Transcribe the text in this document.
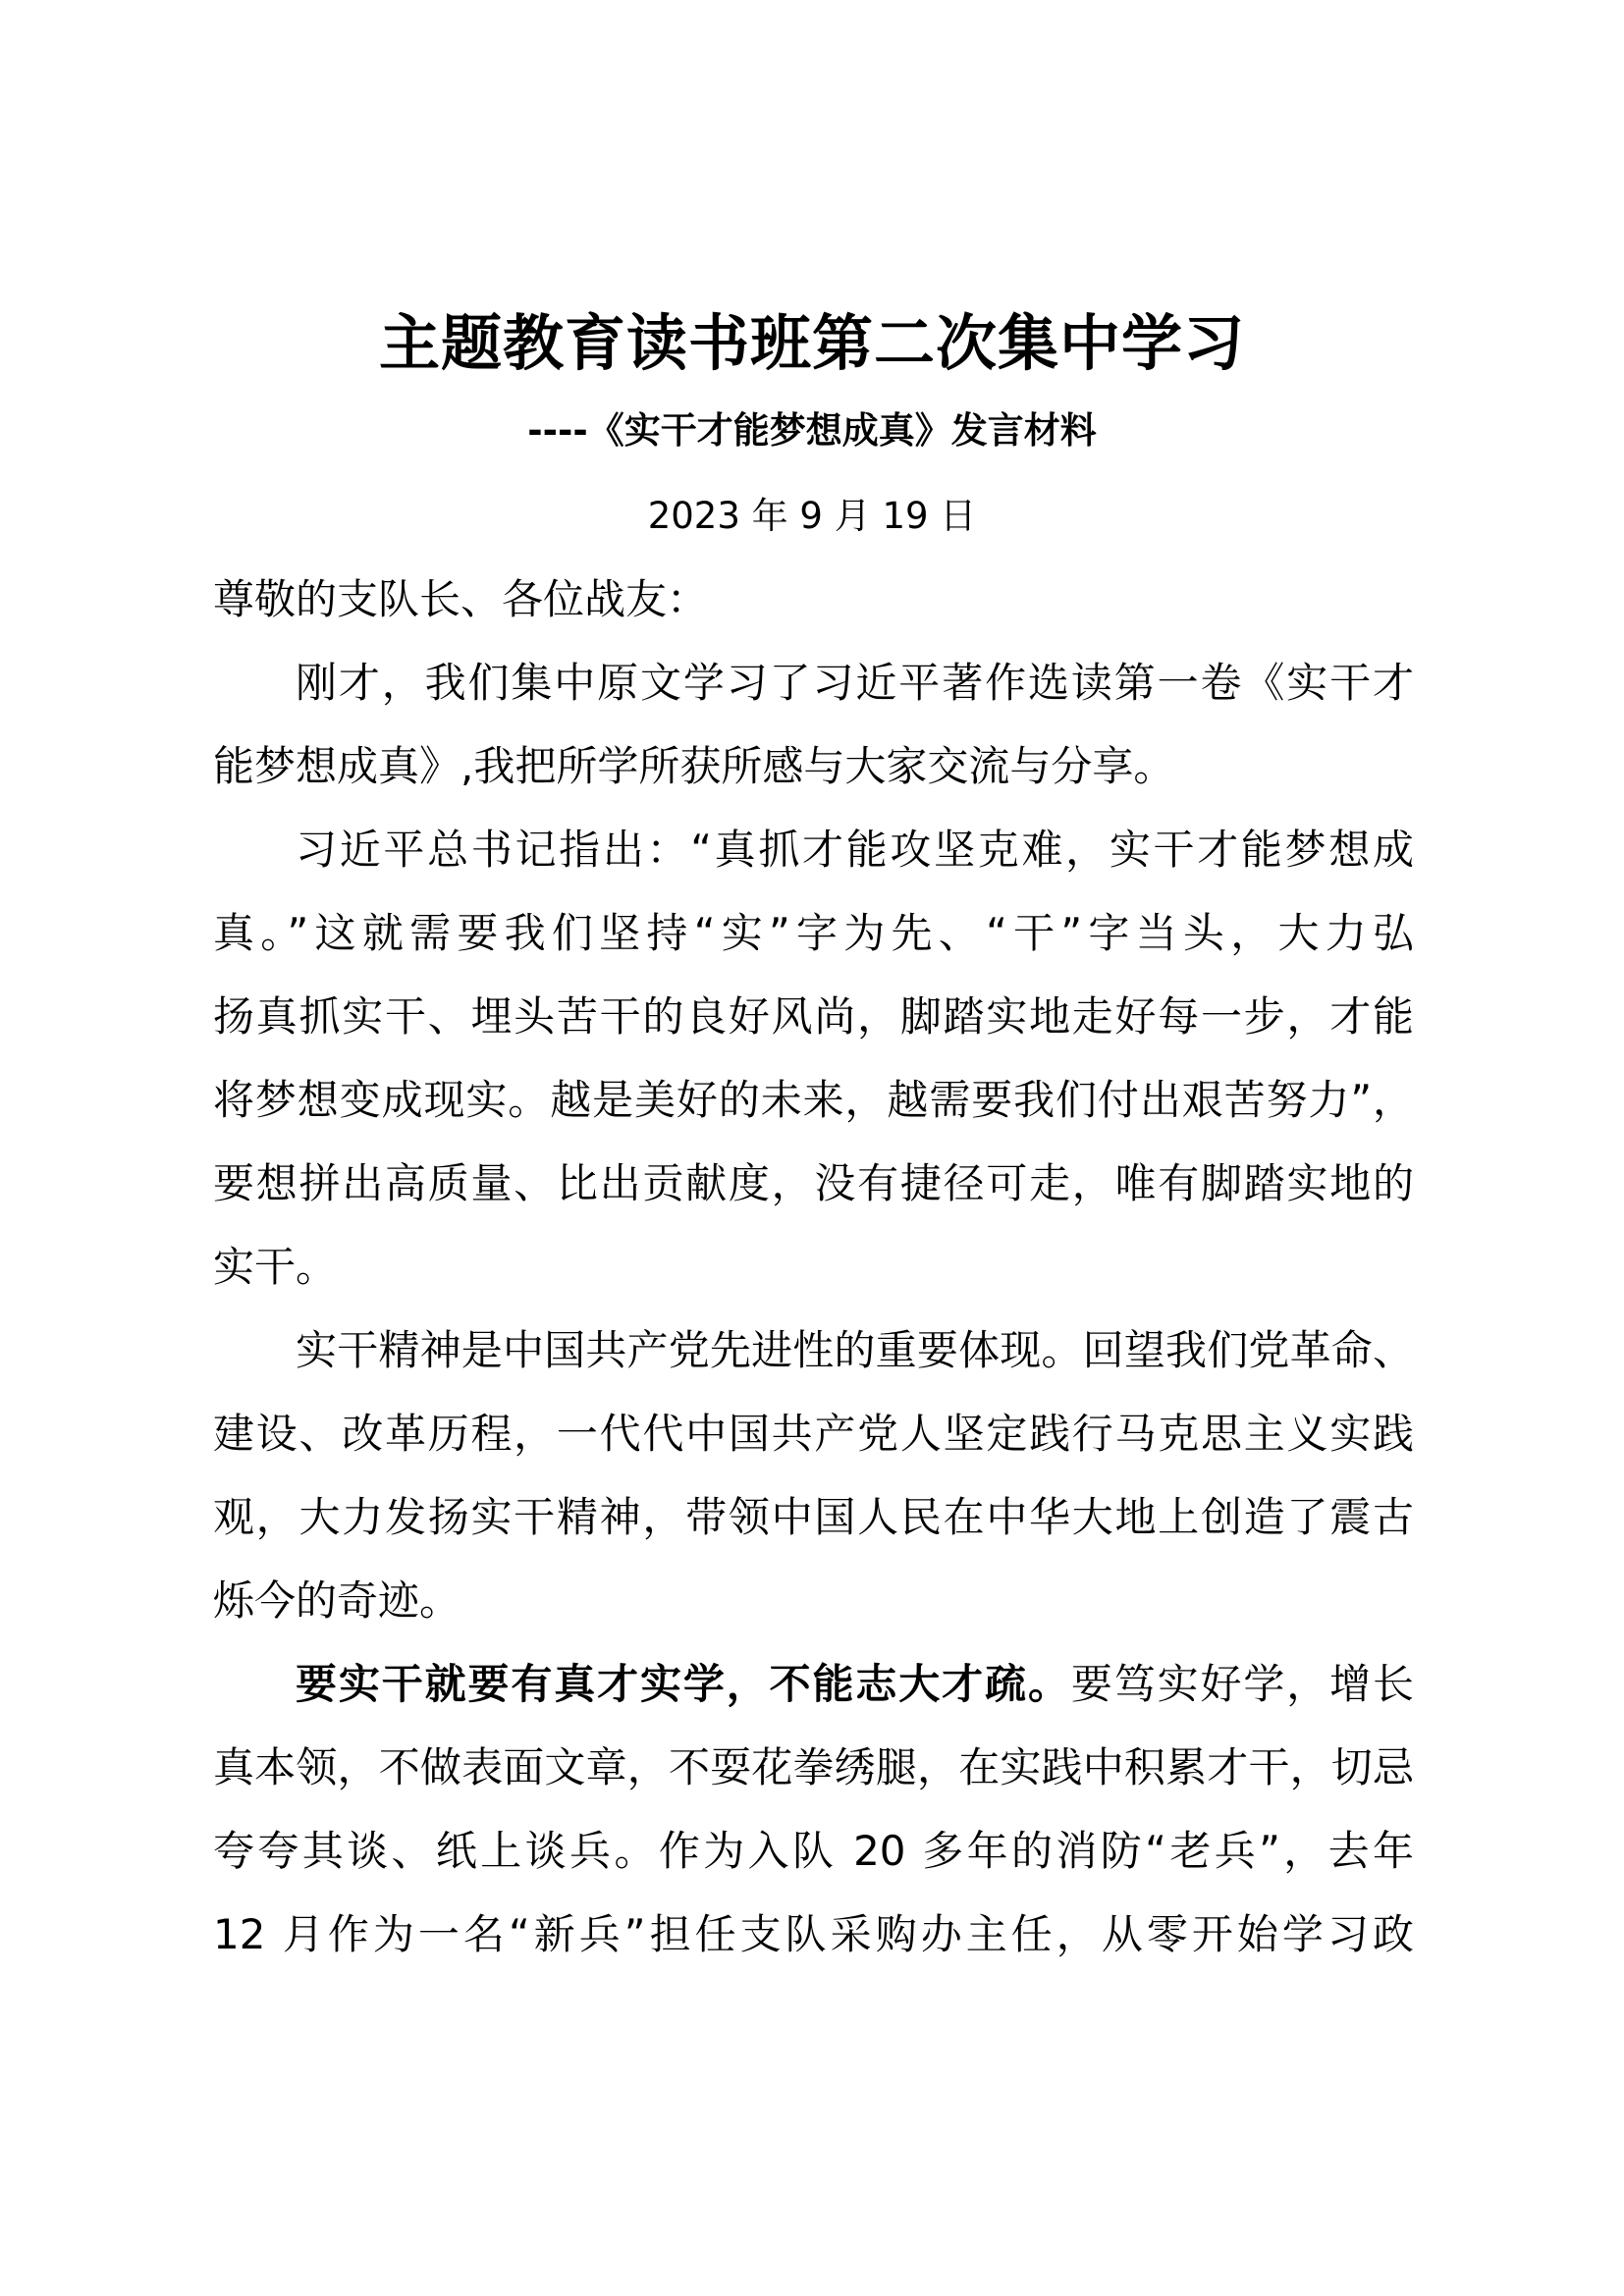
主题教育读书班第二次集中学习
----《实干才能梦想成真》发言材料
2023 年 9 月 19 日
尊敬的支队长、各位战友：
刚才，我们集中原文学习了习近平著作选读第一卷《实干才
能梦想成真》,我把所学所获所感与大家交流与分享。
习近平总书记指出：“真抓才能攻坚克难，实干才能梦想成
真。”这就需要我们坚持“实”字为先、“干”字当头，大力弘
扬真抓实干、埋头苦干的良好风尚，脚踏实地走好每一步，才能
将梦想变成现实。越是美好的未来，越需要我们付出艰苦努力”，
要想拼出高质量、比出贡献度，没有捷径可走，唯有脚踏实地的
实干。
实干精神是中国共产党先进性的重要体现。回望我们党革命、
建设、改革历程，一代代中国共产党人坚定践行马克思主义实践
观，大力发扬实干精神，带领中国人民在中华大地上创造了震古
烁今的奇迹。
要实干就要有真才实学，不能志大才疏。要笃实好学，增长
真本领，不做表面文章，不耍花拳绣腿，在实践中积累才干，切忌
夸夸其谈、纸上谈兵。作为入队 20 多年的消防“老兵”，去年
12 月作为一名“新兵”担任支队采购办主任，从零开始学习政
